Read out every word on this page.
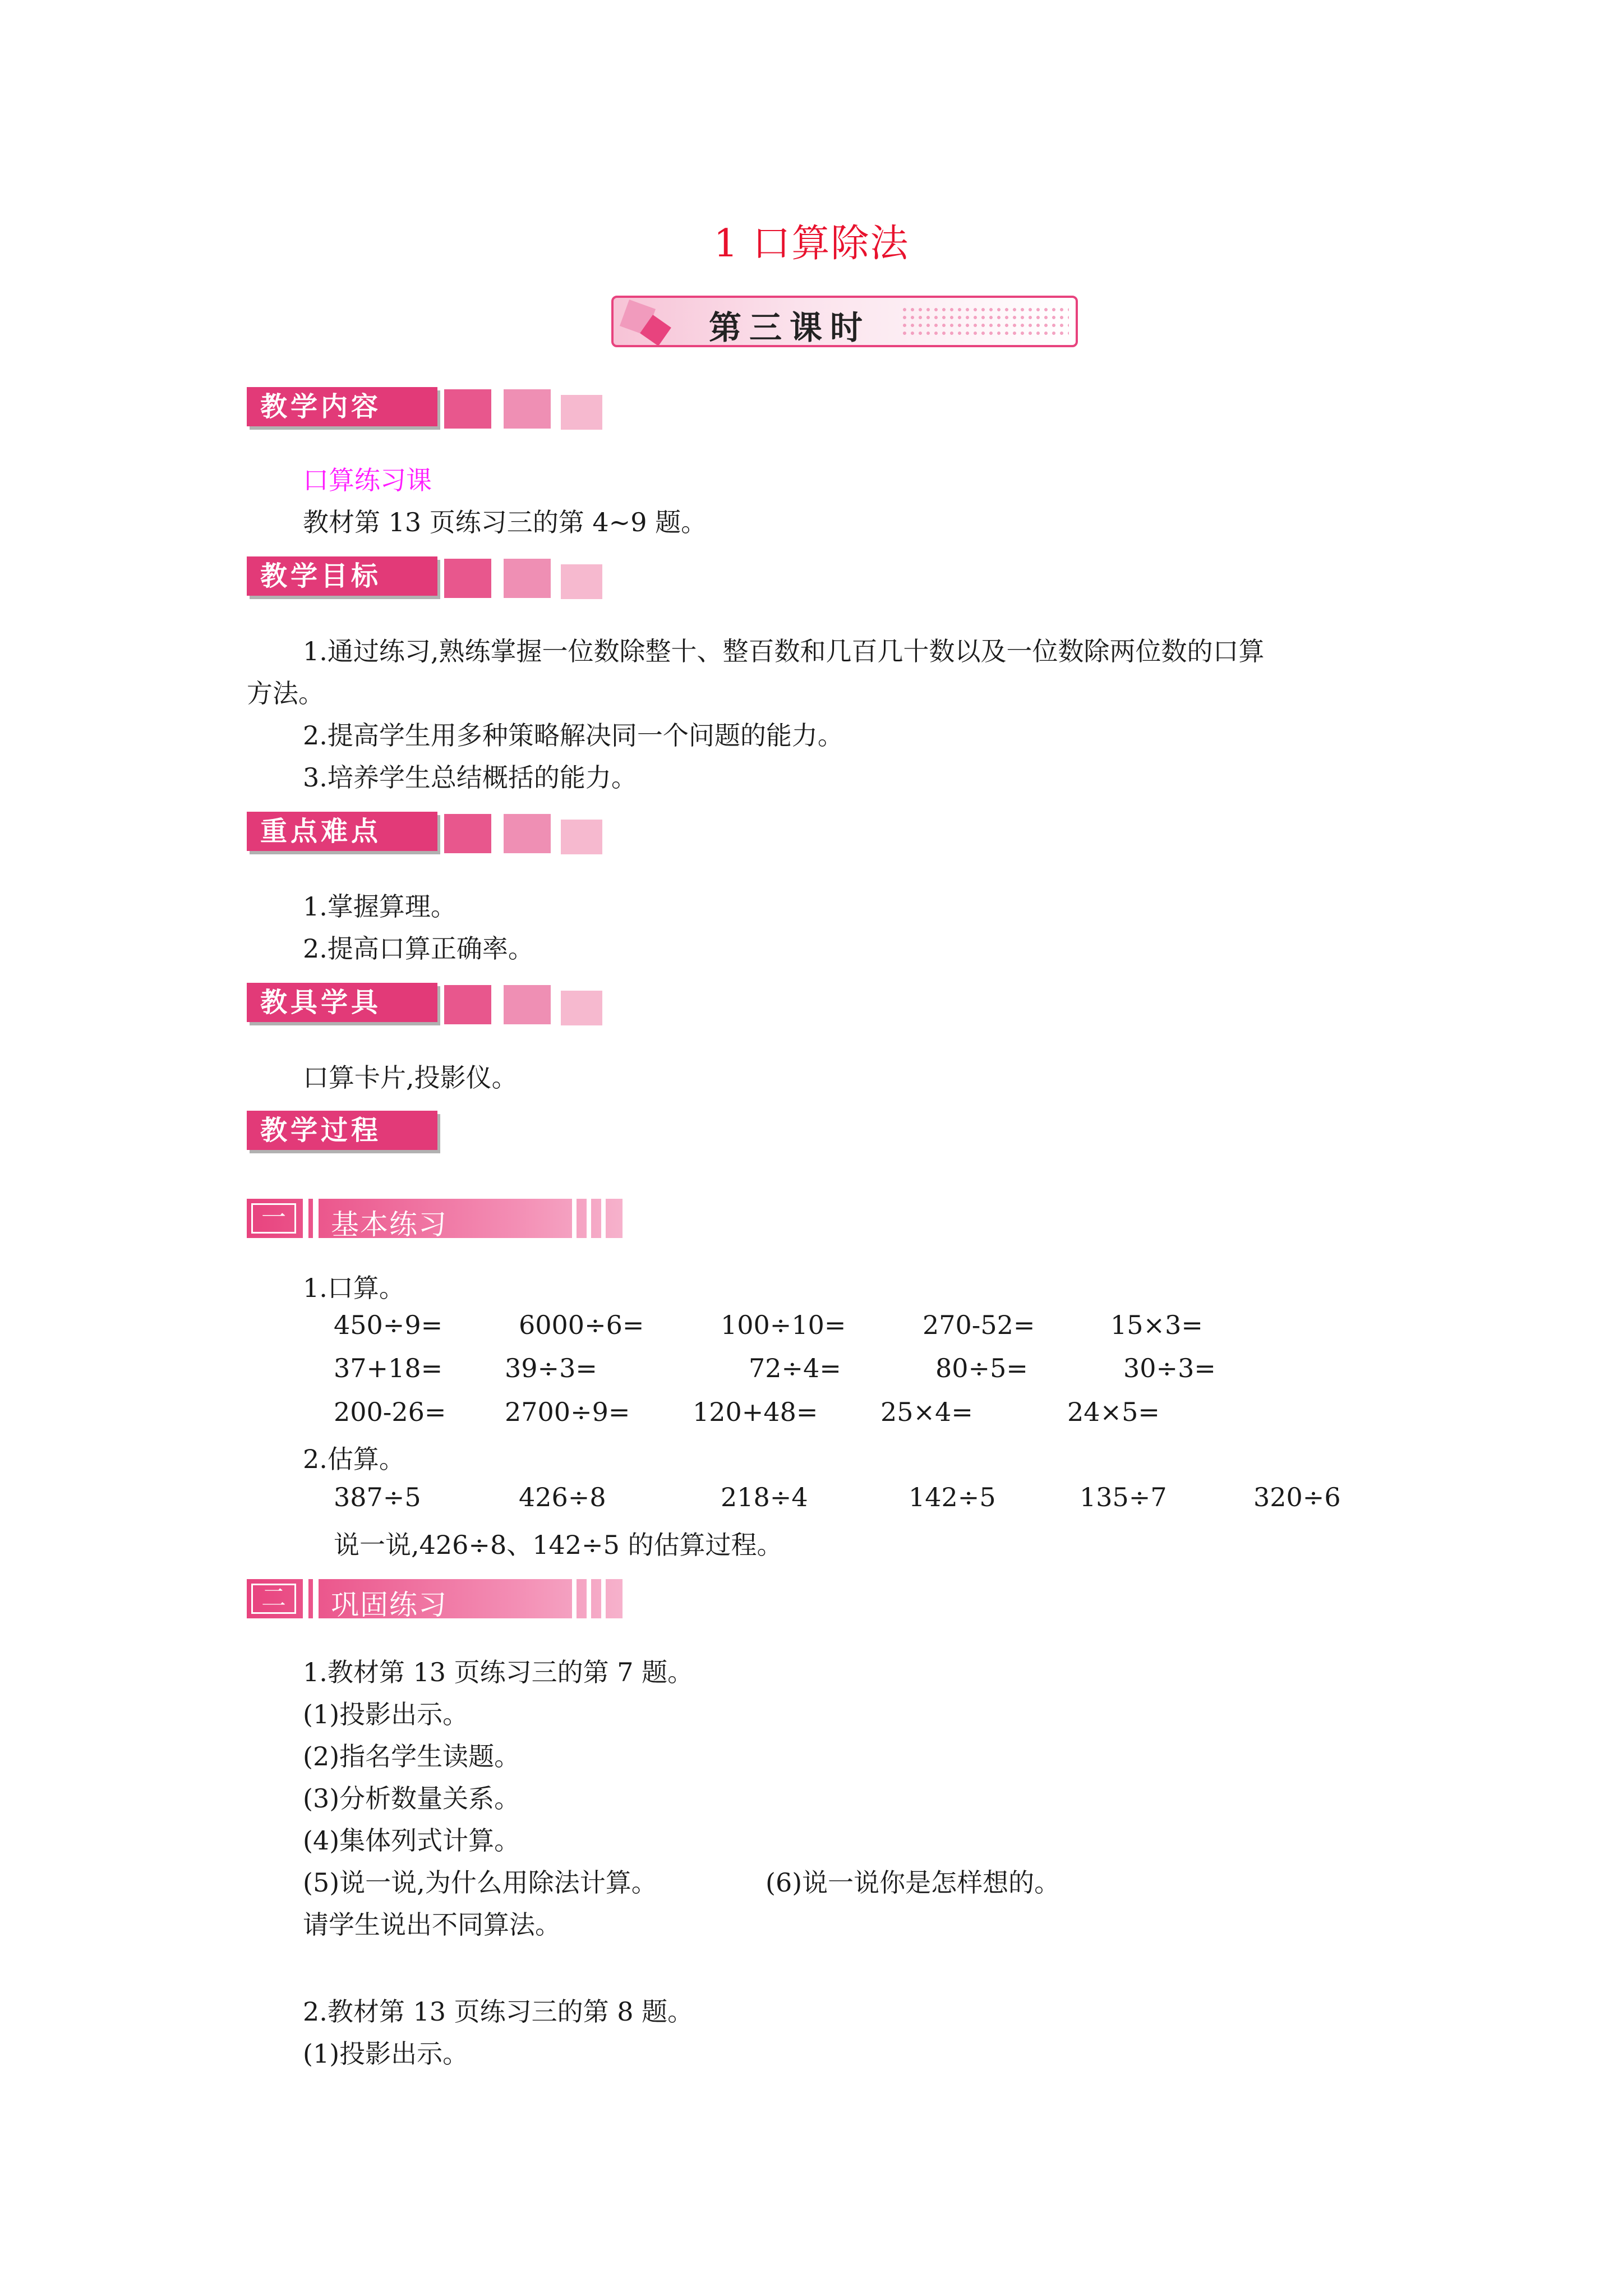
1 口算除法
第三课时
教学内容
口算练习课
教材第 13 页练习三的第 4~9 题。
教学目标
1.通过练习,熟练掌握一位数除整十、整百数和几百几十数以及一位数除两位数的口算
方法。
2.提高学生用多种策略解决同一个问题的能力。
3.培养学生总结概括的能力。
重点难点
1.掌握算理。
2.提高口算正确率。
教具学具
口算卡片,投影仪。
教学过程
一	基本练习
1.口算。
450÷9=	6000÷6=	100÷10=	270-52=	15×3=
37+18= 39÷3=	72÷4=	80÷5=	30÷3=
200-26= 2700÷9= 120+48= 25×4=	24×5=
2.估算。
387÷5	426÷8	218÷4	142÷5	135÷7	320÷6
说一说,426÷8、142÷5 的估算过程。
二	巩固练习
1.教材第 13 页练习三的第 7 题。
(1)投影出示。
(2)指名学生读题。
(3)分析数量关系。
(4)集体列式计算。
(5)说一说,为什么用除法计算。	(6)说一说你是怎样想的。
请学生说出不同算法。
2.教材第 13 页练习三的第 8 题。
(1)投影出示。
